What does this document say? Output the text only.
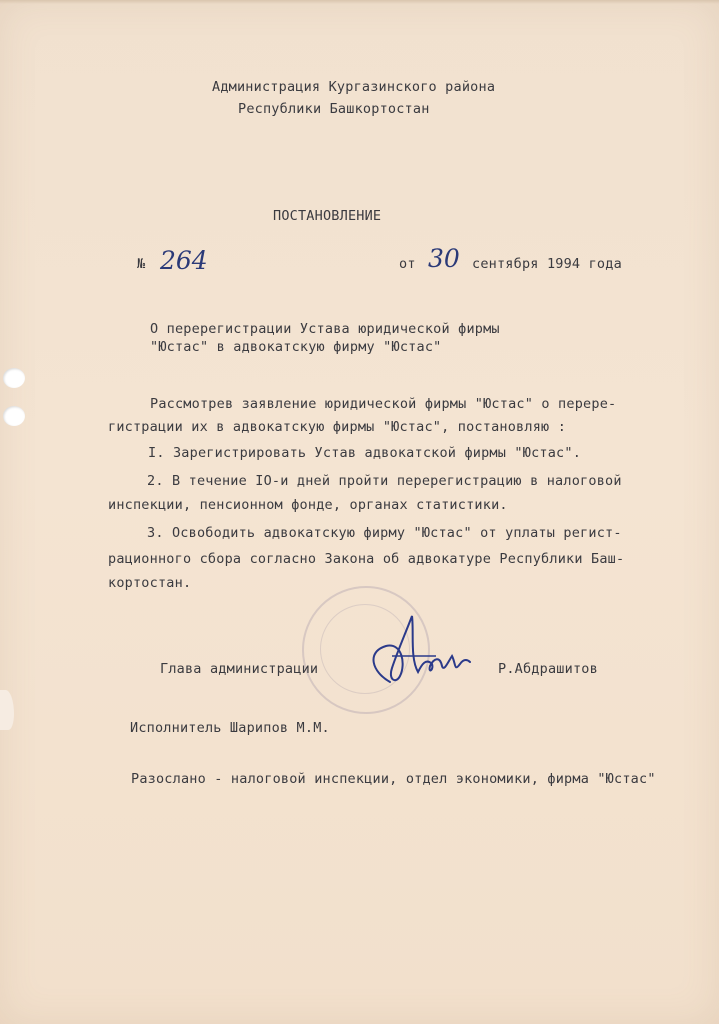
Администрация Кургазинского района
Республики Башкортостан
ПОСТАНОВЛЕНИЕ
№ 264	от 30 сентября 1994 года
О перерегистрации Устава юридической фирмы
"Юстас" в адвокатскую фирму "Юстас"
Рассмотрев заявление юридической фирмы "Юстас" о переpe-
гистрации их в адвокатскую фирмы "Юстас", постановляю :
I. Зарегистрировать Устав адвокатской фирмы "Юстас".
2. В течение IO-и дней пройти перерегистрацию в налоговой
инспекции, пенсионном фонде, органах статистики.
3. Освободить адвокатскую фирму "Юстас" от уплаты регист-
рационного сбора согласно Закона об адвокатуре Республики Баш-
кортостан.
Глава администрации	Р.Абдрашитов
Исполнитель Шарипов М.М.
Разослано - налоговой инспекции, отдел экономики, фирма "Юстас"
